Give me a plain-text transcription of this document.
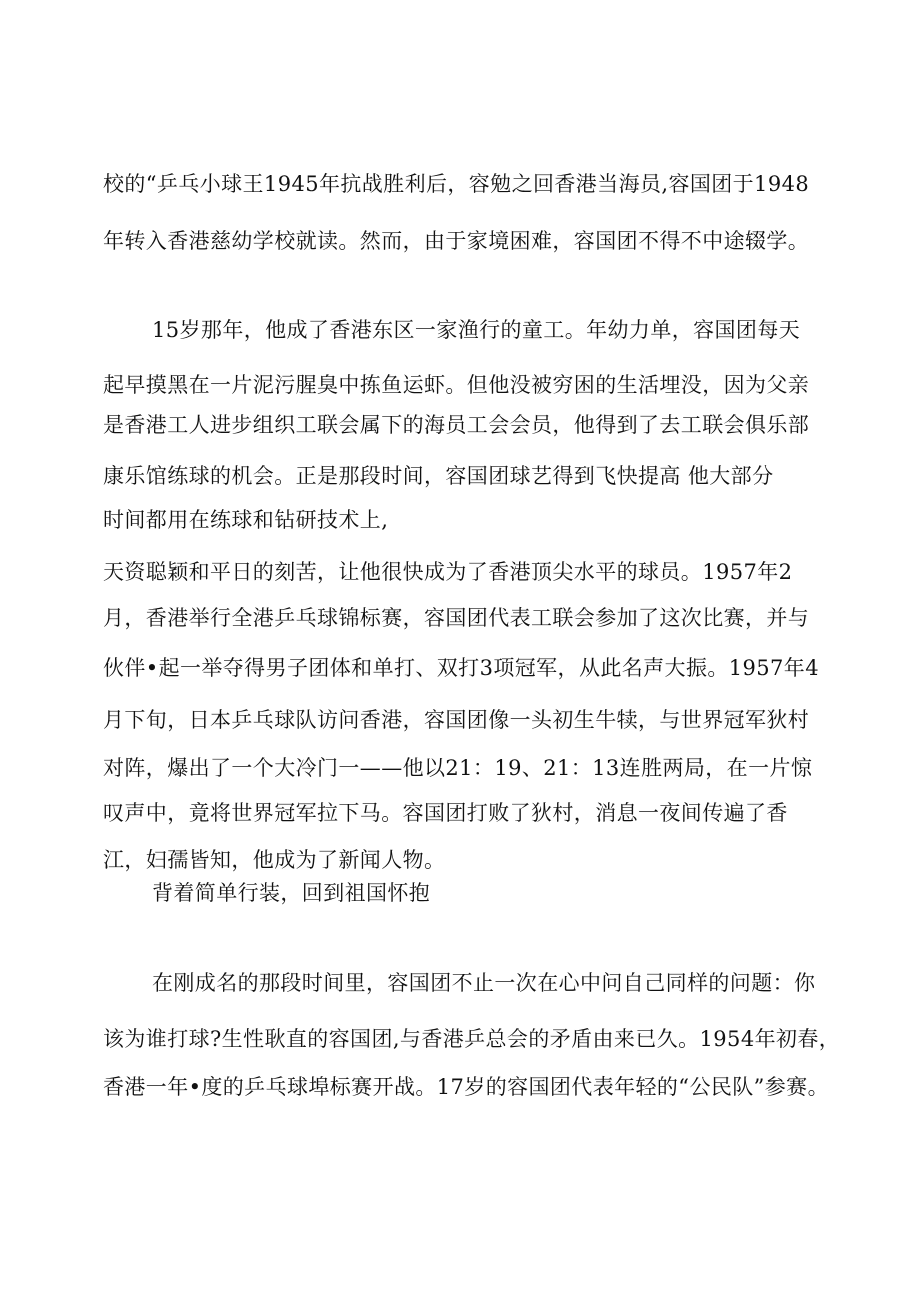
校的“乒乓小球王1945年抗战胜利后，容勉之回香港当海员,容国团于1948
年转入香港慈幼学校就读。然而，由于家境困难，容国团不得不中途辍学。
15岁那年，他成了香港东区一家渔行的童工。年幼力单，容国团每天
起早摸黑在一片泥污腥臭中拣鱼运虾。但他没被穷困的生活埋没，因为父亲
是香港工人进步组织工联会属下的海员工会会员，他得到了去工联会俱乐部
康乐馆练球的机会。正是那段时间，容国团球艺得到飞快提高 他大部分
时间都用在练球和钻研技术上,
天资聪颖和平日的刻苦，让他很快成为了香港顶尖水平的球员。1957年2
月，香港举行全港乒乓球锦标赛，容国团代表工联会参加了这次比赛，并与
伙伴•起一举夺得男子团体和单打、双打3项冠军，从此名声大振。1957年4
月下旬，日本乒乓球队访问香港，容国团像一头初生牛犊，与世界冠军狄村
对阵，爆出了一个大冷门一——他以21：19、21：13连胜两局，在一片惊
叹声中，竟将世界冠军拉下马。容国团打败了狄村，消息一夜间传遍了香
江，妇孺皆知，他成为了新闻人物。
背着简单行装，回到祖国怀抱
在刚成名的那段时间里，容国团不止一次在心中问自己同样的问题：你
该为谁打球?生性耿直的容国团,与香港乒总会的矛盾由来已久。1954年初春，
香港一年•度的乒乓球埠标赛开战。17岁的容国团代表年轻的“公民队”参赛。
